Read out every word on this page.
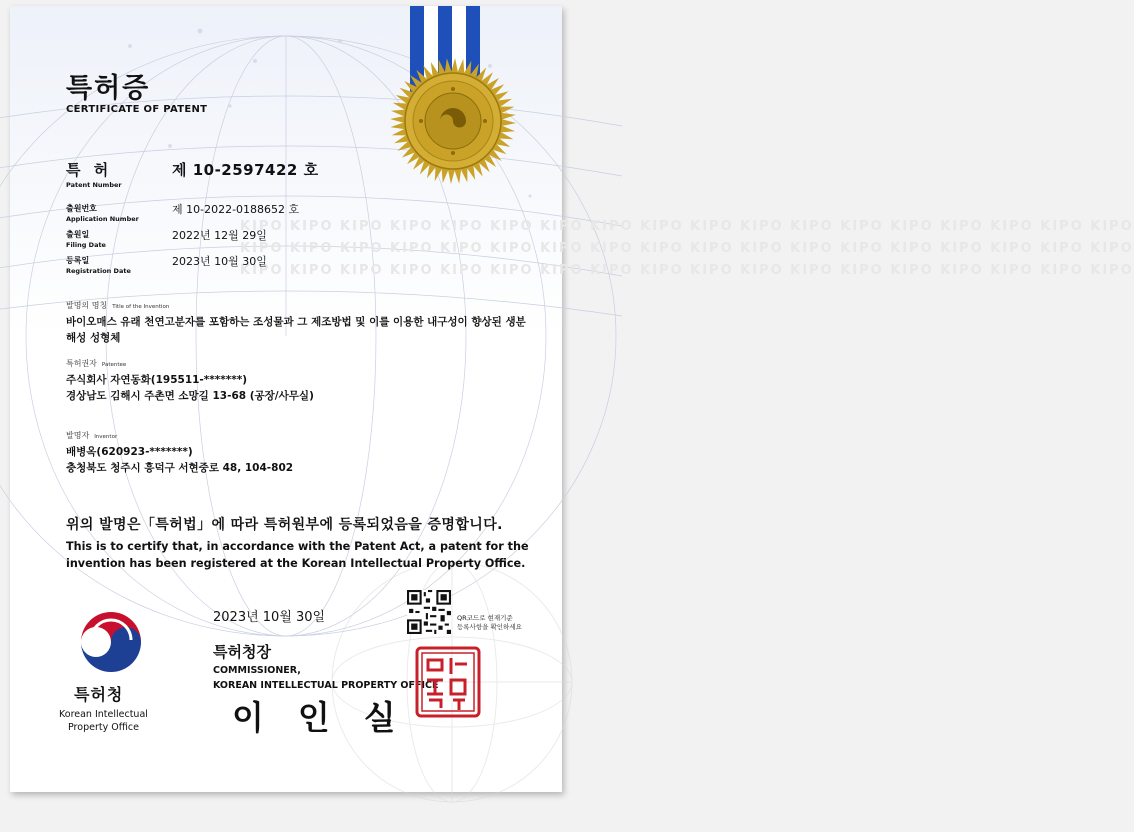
KIPO KIPO KIPO KIPO KIPO KIPO KIPO KIPO KIPO KIPO KIPO KIPO KIPO KIPO KIPO KIPO KIPO KIPO
KIPO KIPO KIPO KIPO KIPO KIPO KIPO KIPO KIPO KIPO KIPO KIPO KIPO KIPO KIPO KIPO KIPO KIPO
KIPO KIPO KIPO KIPO KIPO KIPO KIPO KIPO KIPO KIPO KIPO KIPO KIPO KIPO KIPO KIPO KIPO KIPO
특허증
CERTIFICATE OF PATENT
특 허
Patent Number
제 10-2597422 호
출원번호
Application Number
제 10-2022-0188652 호
출원일
Filing Date
2022년 12월 29일
등록일
Registration Date
2023년 10월 30일
발명의 명칭 Title of the Invention
바이오매스 유래 천연고분자를 포함하는 조성물과 그 제조방법 및 이를 이용한 내구성이 향상된 생분
해성 성형체
특허권자 Patentee
주식회사 자연동화(195511-*******)
경상남도 김해시 주촌면 소망길 13-68 (공장/사무실)
발명자 Inventor
배병옥(620923-*******)
충청북도 청주시 흥덕구 서현중로 48, 104-802
위의 발명은「특허법」에 따라 특허원부에 등록되었음을 증명합니다.
This is to certify that, in accordance with the Patent Act, a patent for the invention has been registered at the Korean Intellectual Property Office.
2023년 10월 30일
특허청장
COMMISSIONER,
KOREAN INTELLECTUAL PROPERTY OFFICE
이인실
QR코드로 현재기준
등록사항을 확인하세요
특허청
Korean Intellectual
Property Office
